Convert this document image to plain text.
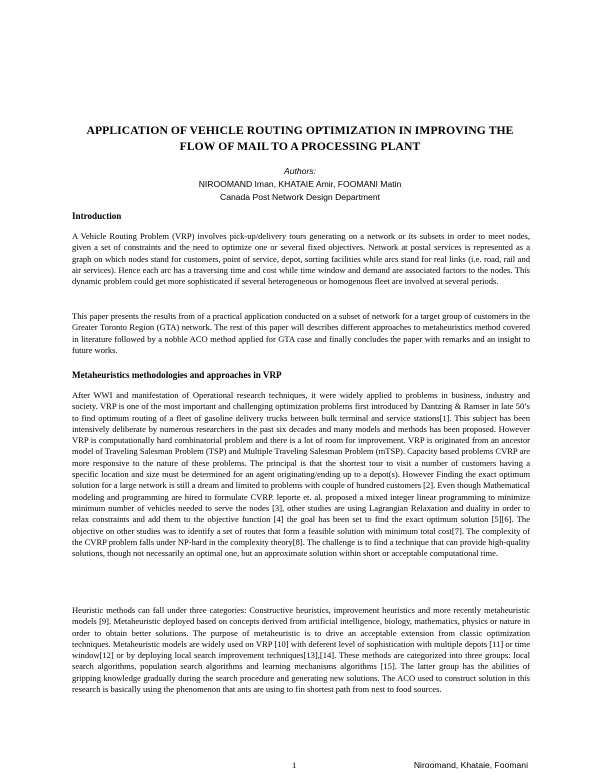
APPLICATION OF VEHICLE ROUTING OPTIMIZATION IN IMPROVING THE
FLOW OF MAIL TO A PROCESSING PLANT
Authors:
NIROOMAND Iman, KHATAIE Amir, FOOMANI Matin
Canada Post Network Design Department
Introduction

A Vehicle Routing Problem (VRP) involves pick-up/delivery tours generating on a network or its subsets in order to meet nodes, given a set of constraints and the need to optimize one or several fixed objectives. Network at postal services is represented as a graph on which nodes stand for customers, point of service, depot, sorting facilities while arcs stand for real links (i.e. road, rail and air services). Hence each arc has a traversing time and cost while time window and demand are associated factors to the nodes. This dynamic problem could get more sophisticated if several heterogeneous or homogenous fleet are involved at several periods.

This paper presents the results from of a practical application conducted on a subset of network for a target group of customers in the Greater Toronto Region (GTA) network. The rest of this paper will describes different approaches to metaheuristics method covered in literature followed by a nobble ACO method applied for GTA case and finally concludes the paper with remarks and an insight to future works.

Metaheuristics methodologies and approaches in VRP

After WWI and manifestation of Operational research techniques, it were widely applied to problems in business, industry and society. VRP is one of the most important and challenging optimization problems first introduced by Dantzing & Ramser in late 50’s to find optimum routing of a fleet of gasoline delivery trucks between bulk terminal and service stations[1]. This subject has been intensively deliberate by numerous researchers in the past six decades and many models and methods has been proposed. However VRP is computationally hard combinatorial problem and there is a lot of room for improvement. VRP is originated from an ancestor model of Traveling Salesman Problem (TSP) and Multiple Traveling Salesman Problem (mTSP). Capacity based problems CVRP are more responsive to the nature of these problems. The principal is that the shortest tour to visit a number of customers having a specific location and size must be determined for an agent originating/ending up to a depot(s). However Finding the exact optimum solution for a large network is still a dream and limited to problems with couple of hundred customers [2]. Even though Mathematical modeling and programming are hired to formulate CVRP. leporte et. al. proposed a mixed integer linear programming to minimize minimum number of vehicles needed to serve the nodes [3], other studies are using Lagrangian Relaxation and duality in order to relax constraints and add them to the objective function [4] the goal has been set to find the exact optimum solution [5][6]. The objective on other studies was to identify a set of routes that form a feasible solution with minimum total cost[7]. The complexity of the CVRP problem falls under NP-hard in the complexity theory[8]. The challenge is to find a technique that can provide high-quality solutions, though not necessarily an optimal one, but an approximate solution within short or acceptable computational time.

Heuristic methods can fall under three categories: Constructive heuristics, improvement heuristics and more recently metaheuristic models [9]. Metaheuristic deployed based on concepts derived from artificial intelligence, biology, mathematics, physics or nature in order to obtain better solutions. The purpose of metaheuristic is to drive an acceptable extension from classic optimization techniques. Metaheuristic models are widely used on VRP [10] with deferent level of sophistication with multiple depots [11] or time window[12] or by deploying local search improvement techniques[13],[14]. These methods are categorized into three groups: local search algorithms, population search algorithms and learning mechanisms algorithms [15]. The latter group has the abilities of gripping knowledge gradually during the search procedure and generating new solutions. The ACO used to construct solution in this research is basically using the phenomenon that ants are using to fin shortest path from nest to food sources.

1	Niroomand, Khataie, Foomani
